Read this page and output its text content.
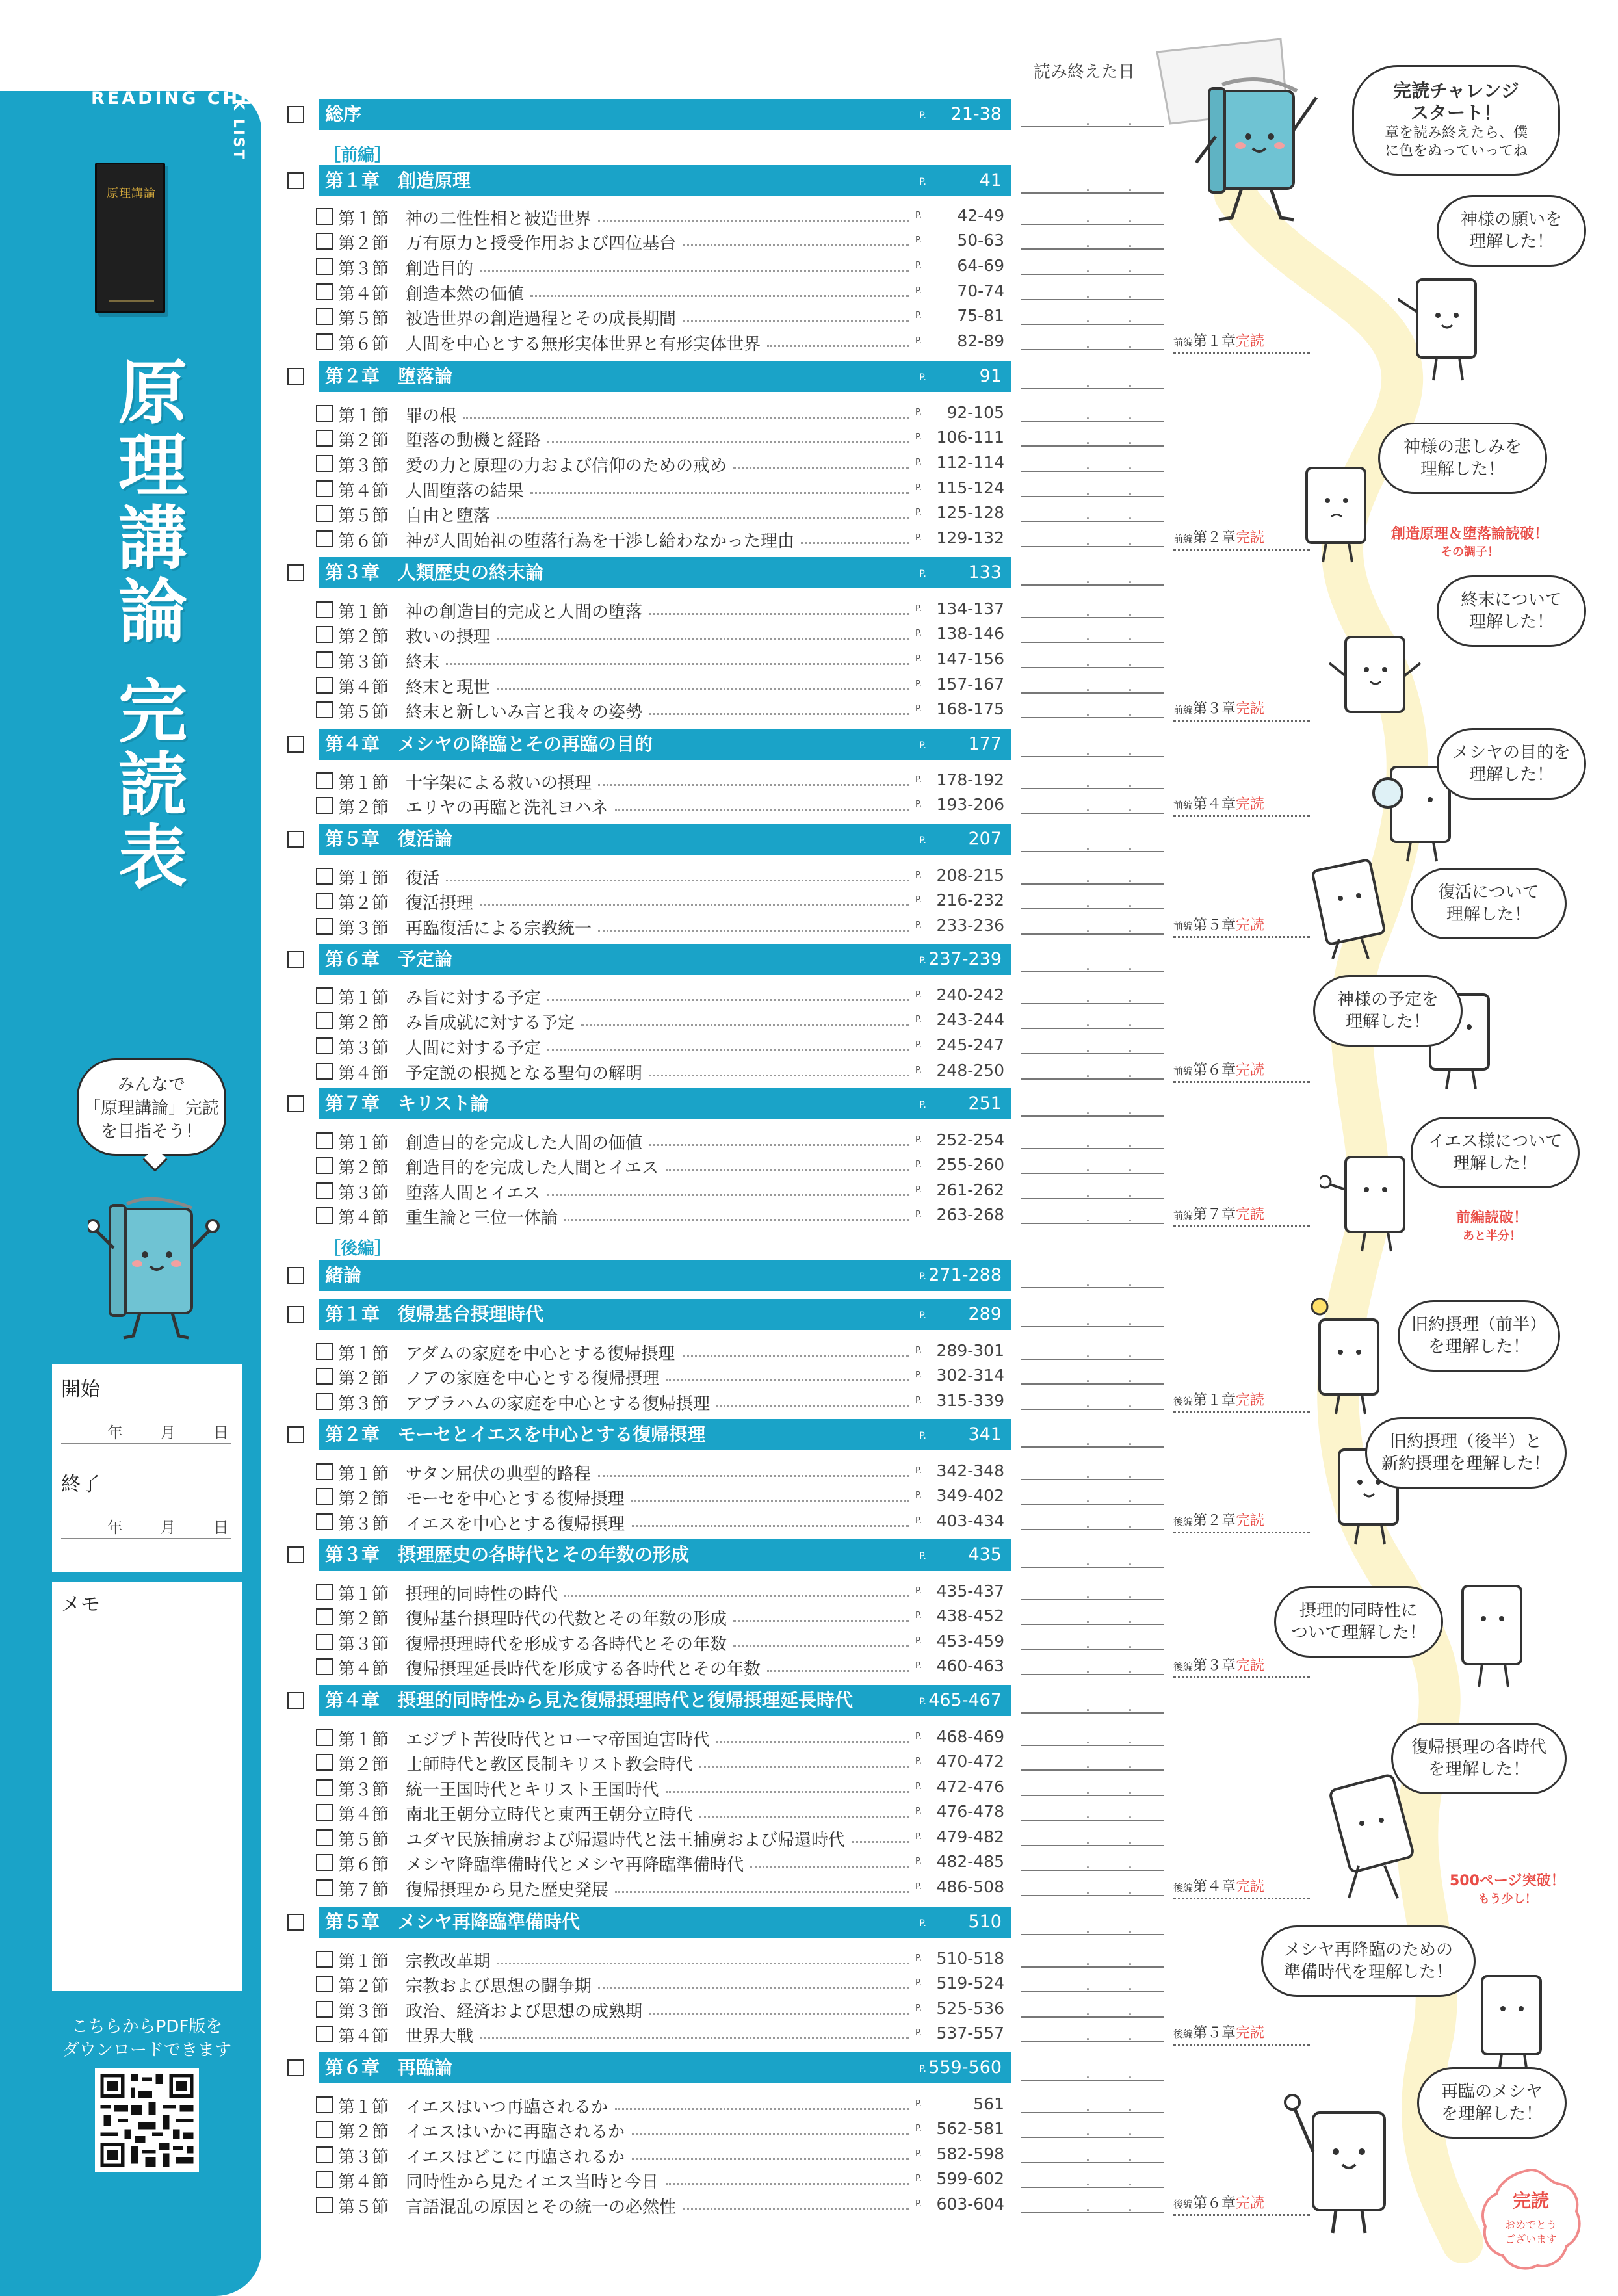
READING CHEC
K LIST
原理講論
原理講論 完読表
みんなで
「原理講論」完読
を目指そう！
開始
年 月 日
終了
年 月 日
メモ
こちらからPDF版を
ダウンロードできます
読み終えた日
完読
おめでとう
ございます
総序	P. 21-38	.	.
［前編］
第１章　創造原理	P.	41	.	.
第１節　神の二性性相と被造世界	P.	42-49	.	.
第２節　万有原力と授受作用および四位基台	P.	50-63	.	.
第３節　創造目的	P.	64-69	.	.
第４節　創造本然の価値	P.	70-74	.	.
第５節　被造世界の創造過程とその成長期間	P.	75-81	.	.
第６節　人間を中心とする無形実体世界と有形実体世界	P.	82-89	.	.
第２章　堕落論	P.	91	.	.
第１節　罪の根	P.	92-105	.	.
第２節　堕落の動機と経路	P. 106-111	.	.
第３節　愛の力と原理の力および信仰のための戒め	P. 112-114	.	.
第４節　人間堕落の結果	P. 115-124	.	.
第５節　自由と堕落	P. 125-128	.	.
第６節　神が人間始祖の堕落行為を干渉し給わなかった理由	P. 129-132	.	.
第３章　人類歴史の終末論	P. 133	.	.
第１節　神の創造目的完成と人間の堕落	P. 134-137	.	.
第２節　救いの摂理	P. 138-146	.	.
第３節　終末	P. 147-156	.	.
第４節　終末と現世	P. 157-167	.	.
第５節　終末と新しいみ言と我々の姿勢	P. 168-175	.	.
第４章　メシヤの降臨とその再臨の目的	P. 177	.	.
第１節　十字架による救いの摂理	P. 178-192	.	.
第２節　エリヤの再臨と洗礼ヨハネ	P. 193-206	.	.
第５章　復活論	P. 207	.	.
第１節　復活	P. 208-215	.	.
第２節　復活摂理	P. 216-232	.	.
第３節　再臨復活による宗教統一	P. 233-236	.	.
第６章　予定論	P. 237-239	.	.
第１節　み旨に対する予定	P. 240-242	.	.
第２節　み旨成就に対する予定	P. 243-244	.	.
第３節　人間に対する予定	P. 245-247	.	.
第４節　予定説の根拠となる聖句の解明	P. 248-250	.	.
第７章　キリスト論	P. 251	.	.
第１節　創造目的を完成した人間の価値	P. 252-254	.	.
第２節　創造目的を完成した人間とイエス	P. 255-260	.	.
第３節　堕落人間とイエス	P. 261-262	.	.
第４節　重生論と三位一体論	P. 263-268	.	.
［後編］
緒論	P. 271-288	.	.
第１章　復帰基台摂理時代	P. 289	.	.
第１節　アダムの家庭を中心とする復帰摂理	P. 289-301	.	.
第２節　ノアの家庭を中心とする復帰摂理	P. 302-314	.	.
第３節　アブラハムの家庭を中心とする復帰摂理	P. 315-339	.	.
第２章　モーセとイエスを中心とする復帰摂理	P. 341	.	.
第１節　サタン屈伏の典型的路程	P. 342-348	.	.
第２節　モーセを中心とする復帰摂理	P. 349-402	.	.
第３節　イエスを中心とする復帰摂理	P. 403-434	.	.
第３章　摂理歴史の各時代とその年数の形成	P. 435	.	.
第１節　摂理的同時性の時代	P. 435-437	.	.
第２節　復帰基台摂理時代の代数とその年数の形成	P. 438-452	.	.
第３節　復帰摂理時代を形成する各時代とその年数	P. 453-459	.	.
第４節　復帰摂理延長時代を形成する各時代とその年数	P. 460-463	.	.
第４章　摂理的同時性から見た復帰摂理時代と復帰摂理延長時代	P. 465-467	.	.
第１節　エジプト苦役時代とローマ帝国迫害時代	P. 468-469	.	.
第２節　士師時代と教区長制キリスト教会時代	P. 470-472	.	.
第３節　統一王国時代とキリスト王国時代	P. 472-476	.	.
第４節　南北王朝分立時代と東西王朝分立時代	P. 476-478	.	.
第５節　ユダヤ民族捕虜および帰還時代と法王捕虜および帰還時代	P. 479-482	.	.
第６節　メシヤ降臨準備時代とメシヤ再降臨準備時代	P. 482-485	.	.
第７節　復帰摂理から見た歴史発展	P. 486-508	.	.
第５章　メシヤ再降臨準備時代	P. 510	.	.
第１節　宗教改革期	P. 510-518	.	.
第２節　宗教および思想の闘争期	P. 519-524	.	.
第３節　政治、経済および思想の成熟期	P. 525-536	.	.
第４節　世界大戦	P. 537-557	.	.
第６章　再臨論	P. 559-560	.	.
第１節　イエスはいつ再臨されるか	P.	561	.	.
第２節　イエスはいかに再臨されるか	P. 562-581	.	.
第３節　イエスはどこに再臨されるか	P. 582-598	.	.
第４節　同時性から見たイエス当時と今日	P. 599-602	.	.
第５節　言語混乱の原因とその統一の必然性	P. 603-604	.	.
前編第１章完読
前編第２章完読
前編第３章完読
前編第４章完読
前編第５章完読
前編第６章完読
前編第７章完読
後編第１章完読
後編第２章完読
後編第３章完読
後編第４章完読
後編第５章完読
後編第６章完読
完読チャレンジ
スタート！
章を読み終えたら、僕
に色をぬっていってね
神様の願いを
理解した！
神様の悲しみを
理解した！
終末について
理解した！
メシヤの目的を
理解した！
復活について
理解した！
神様の予定を
理解した！
イエス様について
理解した！
旧約摂理（前半）
を理解した！
旧約摂理（後半）と
新約摂理を理解した！
摂理的同時性に
ついて理解した！
復帰摂理の各時代
を理解した！
メシヤ再降臨のための
準備時代を理解した！
再臨のメシヤ
を理解した！
創造原理＆堕落論読破！
その調子！
前編読破！
あと半分！
500ページ突破！
もう少し！
